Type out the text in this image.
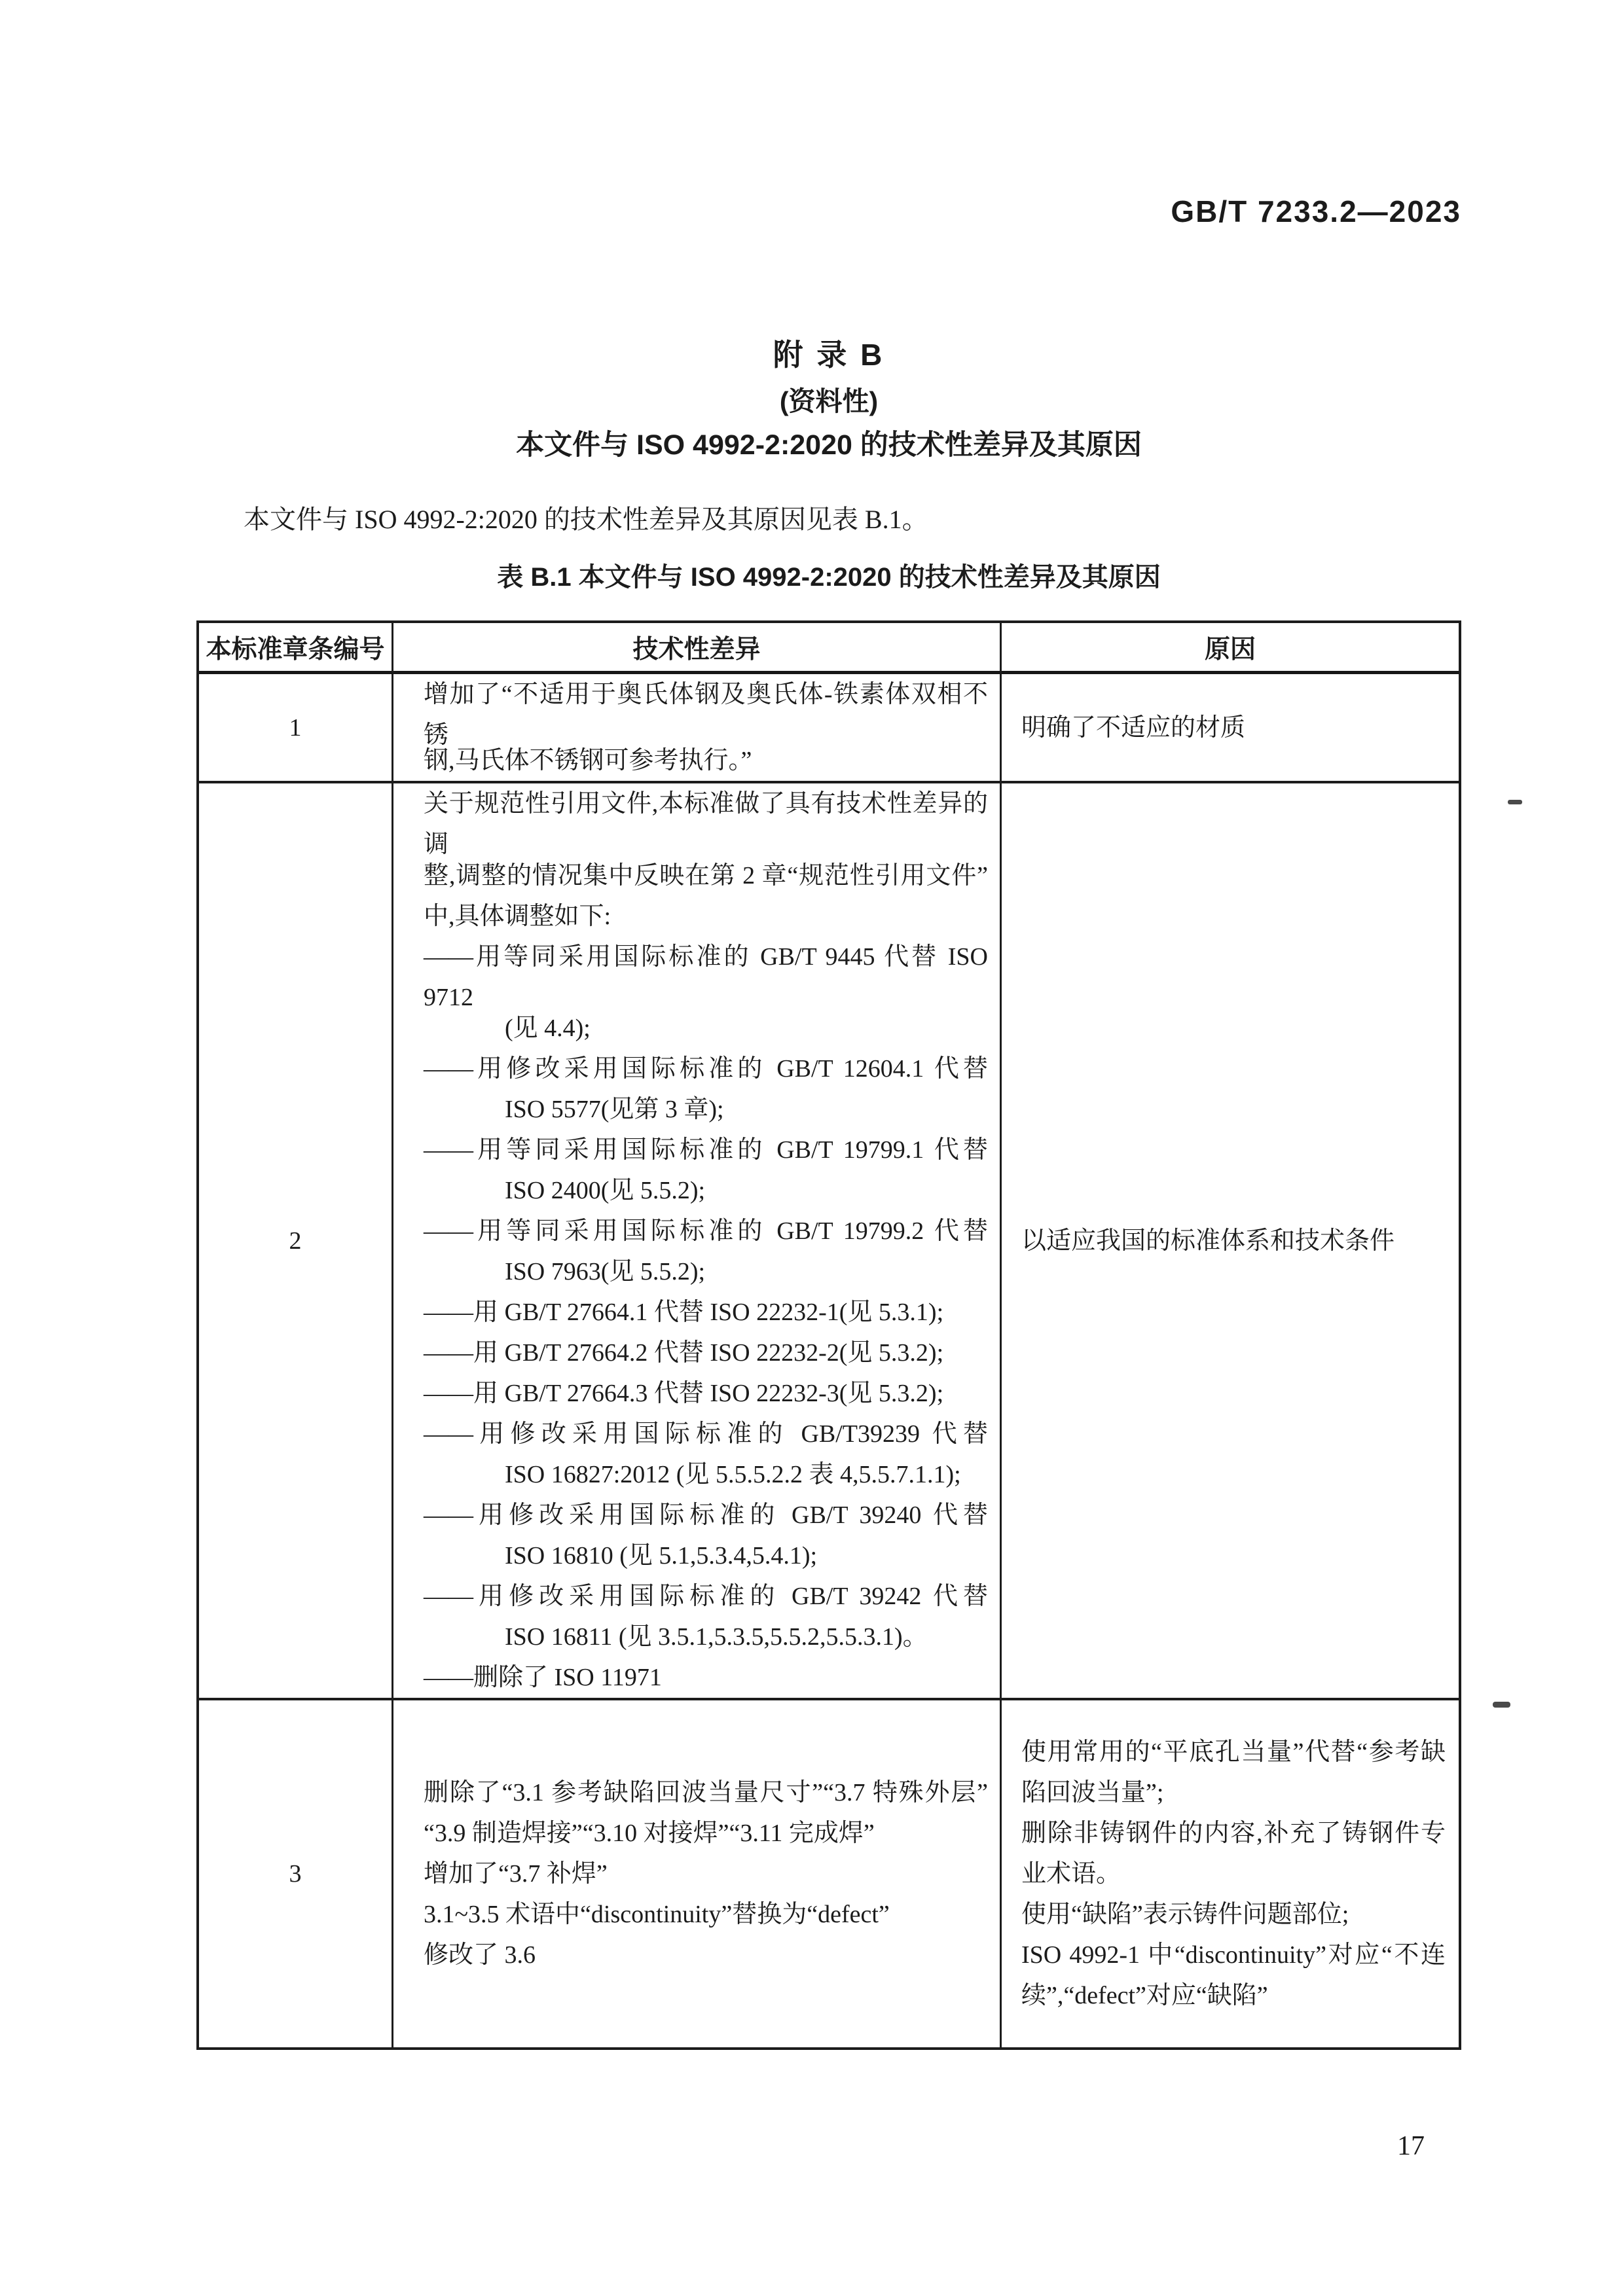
GB/T 7233.2—2023
附 录 B
(资料性)
本文件与 ISO 4992-2:2020 的技术性差异及其原因
本文件与 ISO 4992-2:2020 的技术性差异及其原因见表 B.1。
表 B.1 本文件与 ISO 4992-2:2020 的技术性差异及其原因
本标准章条编号	技术性差异	原因
1
增加了“不适用于奥氏体钢及奥氏体-铁素体双相不锈
钢,马氏体不锈钢可参考执行。”
明确了不适应的材质
2
关于规范性引用文件,本标准做了具有技术性差异的调
整,调整的情况集中反映在第 2 章“规范性引用文件”
中,具体调整如下:
——用等同采用国际标准的 GB/T 9445 代替 ISO 9712
(见 4.4);
——用修改采用国际标准的 GB/T 12604.1 代替
ISO 5577(见第 3 章);
——用等同采用国际标准的 GB/T 19799.1 代替
ISO 2400(见 5.5.2);
——用等同采用国际标准的 GB/T 19799.2 代替
ISO 7963(见 5.5.2);
——用 GB/T 27664.1 代替 ISO 22232-1(见 5.3.1);
——用 GB/T 27664.2 代替 ISO 22232-2(见 5.3.2);
——用 GB/T 27664.3 代替 ISO 22232-3(见 5.3.2);
——用修改采用国际标准的 GB/T39239 代替
ISO 16827:2012 (见 5.5.5.2.2 表 4,5.5.7.1.1);
——用修改采用国际标准的 GB/T 39240 代替
ISO 16810 (见 5.1,5.3.4,5.4.1);
——用修改采用国际标准的 GB/T 39242 代替
ISO 16811 (见 3.5.1,5.3.5,5.5.2,5.5.3.1)。
——删除了 ISO 11971
以适应我国的标准体系和技术条件
3
删除了“3.1 参考缺陷回波当量尺寸”“3.7 特殊外层”
“3.9 制造焊接”“3.10 对接焊”“3.11 完成焊”
增加了“3.7 补焊”
3.1~3.5 术语中“discontinuity”替换为“defect”
修改了 3.6
使用常用的“平底孔当量”代替“参考缺
陷回波当量”;
删除非铸钢件的内容,补充了铸钢件专
业术语。
使用“缺陷”表示铸件问题部位;
ISO 4992-1 中“discontinuity”对应“不连
续”,“defect”对应“缺陷”
17
